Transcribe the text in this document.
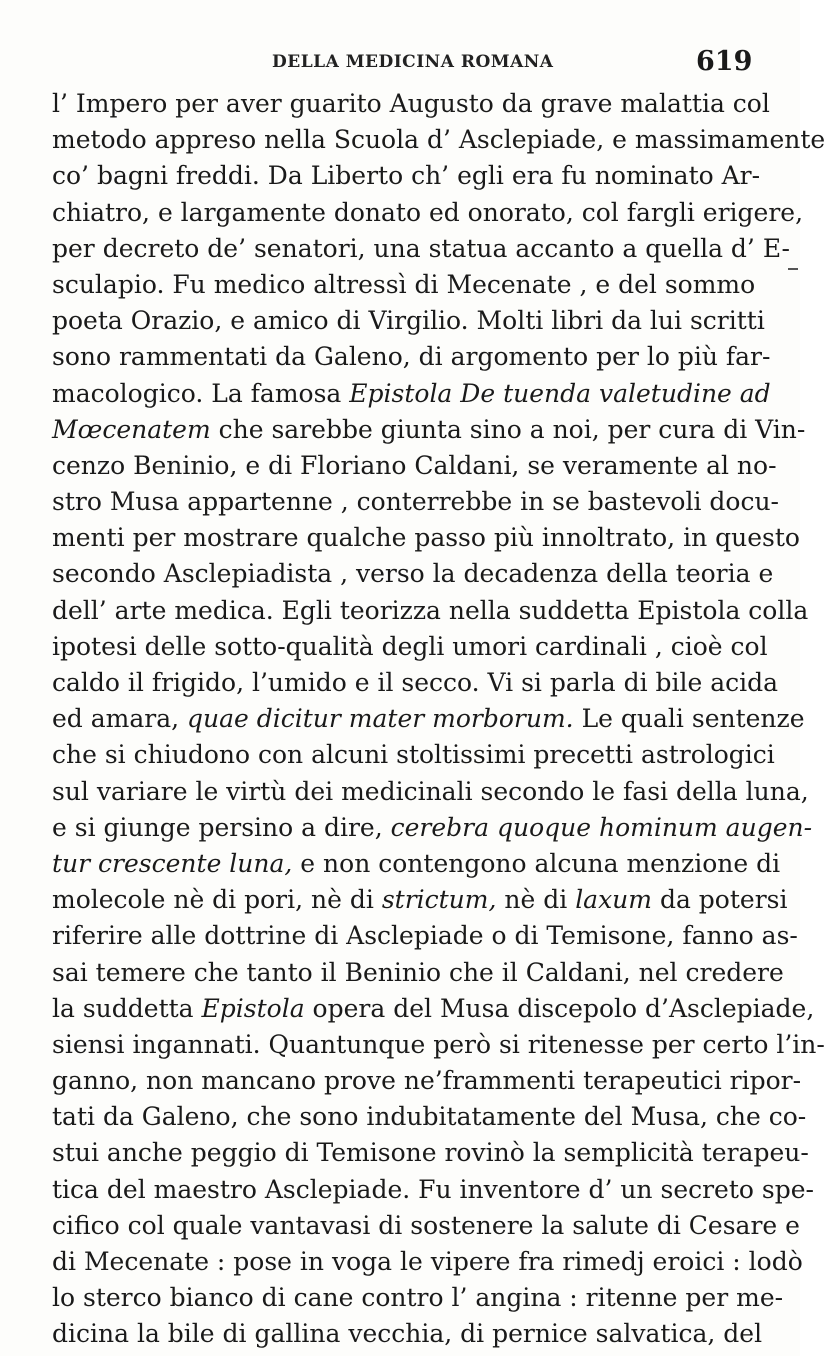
DELLA MEDICINA ROMANA	619
l’ Impero per aver guarito Augusto da grave malattia col
metodo appreso nella Scuola d’ Asclepiade, e massimamente
co’ bagni freddi. Da Liberto ch’ egli era fu nominato Ar-
chiatro, e largamente donato ed onorato, col fargli erigere,
per decreto de’ senatori, una statua accanto a quella d’ E-
sculapio. Fu medico altressì di Mecenate , e del sommo
poeta Orazio, e amico di Virgilio. Molti libri da lui scritti
sono rammentati da Galeno, di argomento per lo più far-
macologico. La famosa Epistola De tuenda valetudine ad
Mœcenatem che sarebbe giunta sino a noi, per cura di Vin-
cenzo Beninio, e di Floriano Caldani, se veramente al no-
stro Musa appartenne , conterrebbe in se bastevoli docu-
menti per mostrare qualche passo più innoltrato, in questo
secondo Asclepiadista , verso la decadenza della teoria e
dell’ arte medica. Egli teorizza nella suddetta Epistola colla
ipotesi delle sotto-qualità degli umori cardinali , cioè col
caldo il frigido, l’umido e il secco. Vi si parla di bile acida
ed amara, quae dicitur mater morborum. Le quali sentenze
che si chiudono con alcuni stoltissimi precetti astrologici
sul variare le virtù dei medicinali secondo le fasi della luna,
e si giunge persino a dire, cerebra quoque hominum augen-
tur crescente luna, e non contengono alcuna menzione di
molecole nè di pori, nè di strictum, nè di laxum da potersi
riferire alle dottrine di Asclepiade o di Temisone, fanno as-
sai temere che tanto il Beninio che il Caldani, nel credere
la suddetta Epistola opera del Musa discepolo d’Asclepiade,
siensi ingannati. Quantunque però si ritenesse per certo l’in-
ganno, non mancano prove ne’frammenti terapeutici ripor-
tati da Galeno, che sono indubitatamente del Musa, che co-
stui anche peggio di Temisone rovinò la semplicità terapeu-
tica del maestro Asclepiade. Fu inventore d’ un secreto spe-
cifico col quale vantavasi di sostenere la salute di Cesare e
di Mecenate : pose in voga le vipere fra rimedj eroici : lodò
lo sterco bianco di cane contro l’ angina : ritenne per me-
dicina la bile di gallina vecchia, di pernice salvatica, del
